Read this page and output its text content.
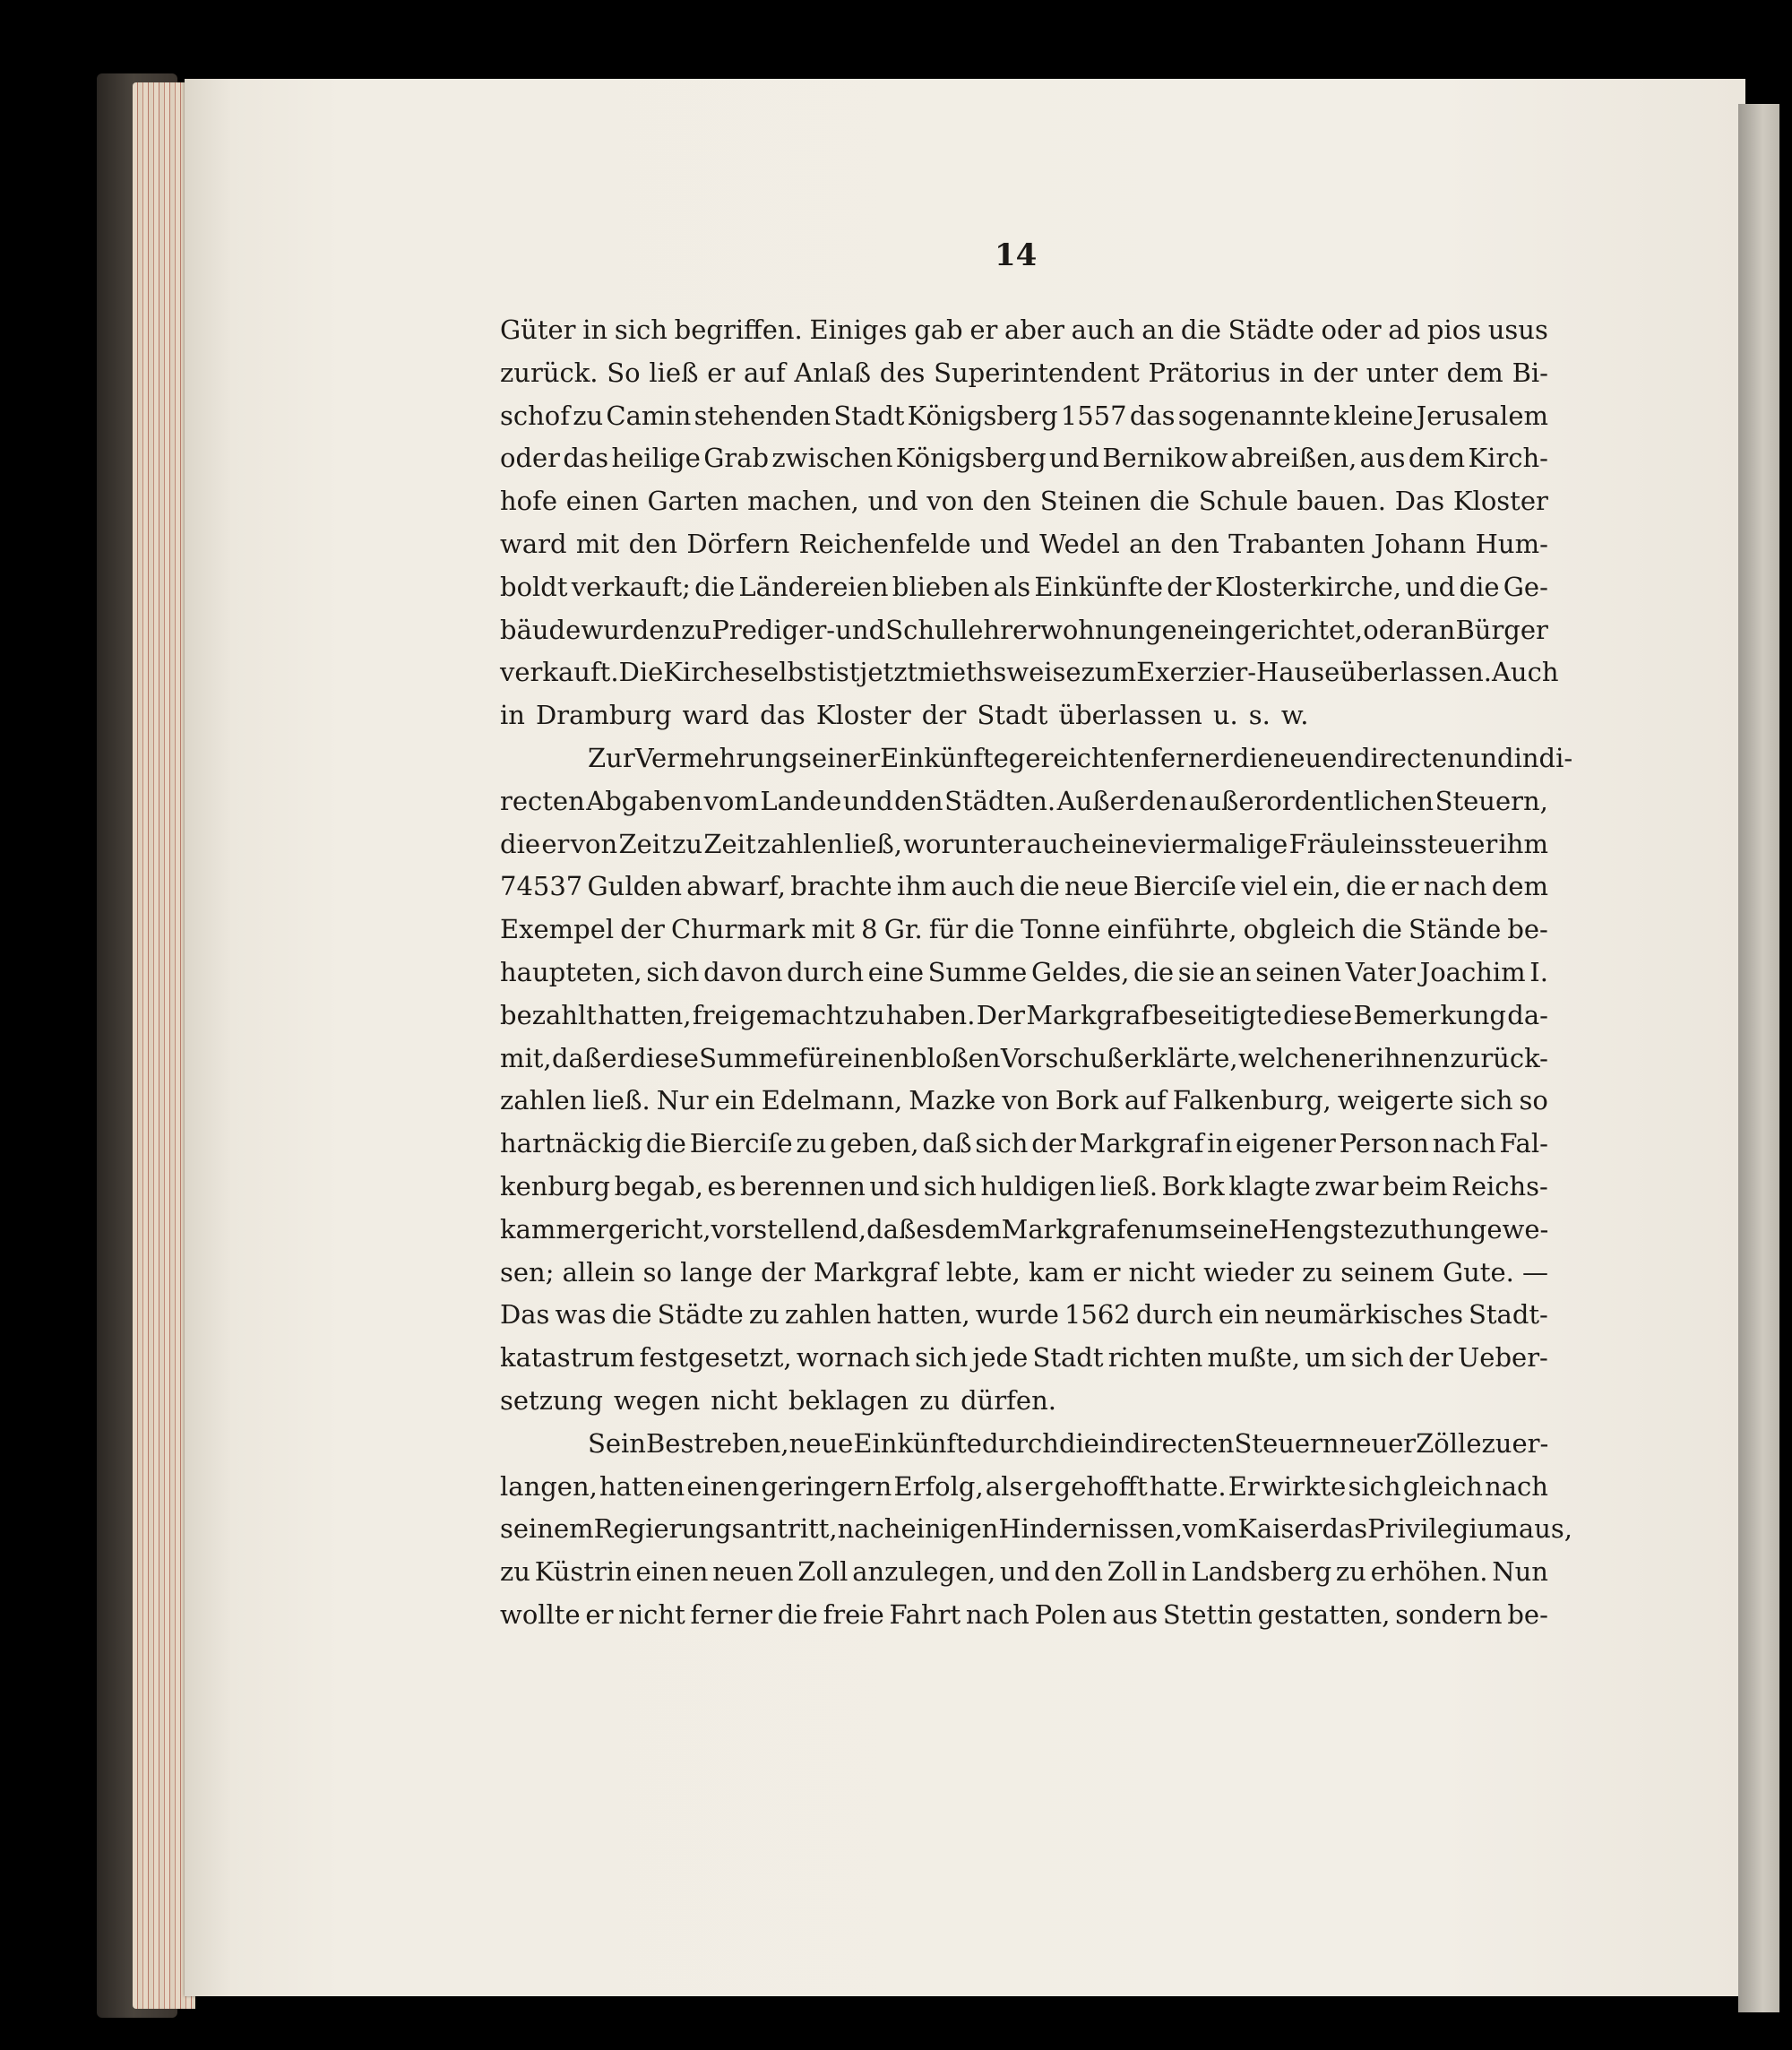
14
Güter in sich begriffen. Einiges gab er aber auch an die Städte oder ad pios usus
zurück. So ließ er auf Anlaß des Superintendent Prätorius in der unter dem Bi-
schof zu Camin stehenden Stadt Königsberg 1557 das sogenannte kleine Jerusalem
oder das heilige Grab zwischen Königsberg und Bernikow abreißen, aus dem Kirch-
hofe einen Garten machen, und von den Steinen die Schule bauen. Das Kloster
ward mit den Dörfern Reichenfelde und Wedel an den Trabanten Johann Hum-
boldt verkauft; die Ländereien blieben als Einkünfte der Klosterkirche, und die Ge-
bäude wurden zu Prediger- und Schullehrerwohnungen eingerichtet, oder an Bürger
verkauft. Die Kirche selbst ist jetzt miethsweise zum Exerzier-Hause überlassen. Auch
in Dramburg ward das Kloster der Stadt überlassen u. s. w.
Zur Vermehrung seiner Einkünfte gereichten ferner die neuen directen und indi-
recten Abgaben vom Lande und den Städten. Außer den außerordentlichen Steuern,
die er von Zeit zu Zeit zahlen ließ, worunter auch eine viermalige Fräuleinssteuer ihm
74537 Gulden abwarf, brachte ihm auch die neue Bierciſe viel ein, die er nach dem
Exempel der Churmark mit 8 Gr. für die Tonne einführte, obgleich die Stände be-
haupteten, sich davon durch eine Summe Geldes, die sie an seinen Vater Joachim I.
bezahlt hatten, frei gemacht zu haben. Der Markgraf beseitigte diese Bemerkung da-
mit, daß er diese Summe für einen bloßen Vorschuß erklärte, welchen er ihnen zurück-
zahlen ließ. Nur ein Edelmann, Mazke von Bork auf Falkenburg, weigerte sich so
hartnäckig die Bierciſe zu geben, daß sich der Markgraf in eigener Person nach Fal-
kenburg begab, es berennen und sich huldigen ließ. Bork klagte zwar beim Reichs-
kammergericht, vorstellend, daß es dem Markgrafen um seine Hengste zu thun gewe-
sen; allein so lange der Markgraf lebte, kam er nicht wieder zu seinem Gute. —
Das was die Städte zu zahlen hatten, wurde 1562 durch ein neumärkisches Stadt-
katastrum festgesetzt, wornach sich jede Stadt richten mußte, um sich der Ueber-
setzung wegen nicht beklagen zu dürfen.
Sein Bestreben, neue Einkünfte durch die indirecten Steuern neuer Zölle zu er-
langen, hatten einen geringern Erfolg, als er gehofft hatte. Er wirkte sich gleich nach
seinem Regierungsantritt, nach einigen Hindernissen, vom Kaiser das Privilegium aus,
zu Küstrin einen neuen Zoll anzulegen, und den Zoll in Landsberg zu erhöhen. Nun
wollte er nicht ferner die freie Fahrt nach Polen aus Stettin gestatten, sondern be-
